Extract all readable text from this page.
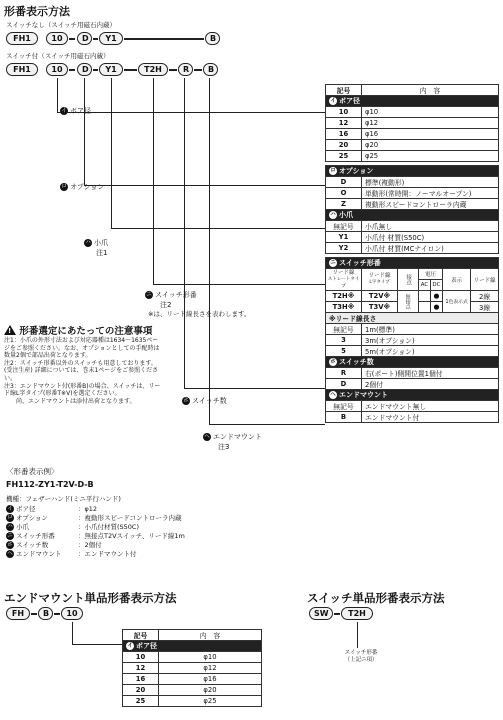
形番表示方法
スイッチなし（スイッチ用磁石内蔵）
FH1	10	D	Y1	B
スイッチ付（スイッチ用磁石内蔵）
FH1	10	D	Y1	T2H	R	B
イ ボア径
ロ オプション
ハ 小爪
注1
ニ スイッチ形番
注2
※は、リード線長さを表わします。
ホ スイッチ数
ヘ エンドマウント
注3
記号	内　容					
イ ボア径						
10	φ10					
12	φ12					
16	φ16					
20	φ20					
25	φ25					

ロ オプション						
D	標準(複動形)					
O	単動形(常時開：ノーマルオープン)					
Z	複動形スピードコントローラ内蔵					
ハ 小爪						
無記号	小爪無し					
Y1	小爪付 材質(S50C)					
Y2	小爪付 材質(MCナイロン)					

ニ スイッチ形番						
リード線
ストレートタイプ	リード線
L字タイプ	接点	電圧		表示	リード線
			AC	DC		
T2H※	T2V※	無接点		●	1色表示式	2線
T3H※	T3V※			●		3線
※リード線長さ						
無記号	1m(標準)					
3	3m(オプション)					
5	5m(オプション)					
ホ スイッチ数						
R	右(ポート)側開位置1個付					
D	2個付					
ヘ エンドマウント						
無記号	エンドマウント無し					
B	エンドマウント付					
! 形番選定にあたっての注意事項
注1：小爪の外形寸法および対応器種は1634～1635ページをご参照ください。なお、オプションとしての手配時は数量2個で部品出荷となります。
注2：スイッチ形番以外のスイッチも用意しております。(受注生産) 詳細については、巻末1ページをご参照ください。
注3：エンドマウント付(形番B)の場合、スイッチは、リード線L字タイプ(形番T※V)を選定ください。
尚、エンドマウントは添付出荷となります。
〈形番表示例〉
FH112-ZY1-T2V-D-B
機種：フェザーハンド(ミニ平行ハンド)
イ ボア径	：φ12
ロ オプション	：複動形スピードコントローラ内蔵
ハ 小爪	：小爪付材質(S50C)
ニ スイッチ形番	：無接点T2Vスイッチ、リード線1m
ホ スイッチ数	：2個付
ヘ エンドマウント	：エンドマウント付
エンドマウント単品形番表示方法
FH	B	10
記号	内　容
イ ボア径	
10	φ10
12	φ12
16	φ16
20	φ20
25	φ25
スイッチ単品形番表示方法
SW	T2H
スイッチ形番
（上記ニ項）
